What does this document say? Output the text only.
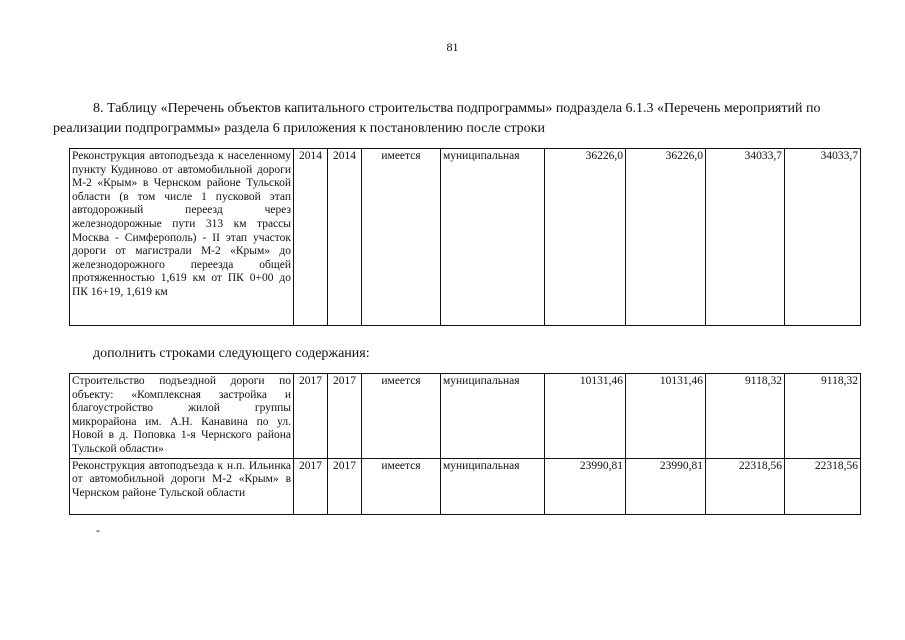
81
8. Таблицу «Перечень объектов капитального строительства подпрограммы» подраздела 6.1.3 «Перечень мероприятий по
реализации подпрограммы» раздела 6 приложения к постановлению после строки
Реконструкция автоподъезда к населенному пункту Кудиново от автомобильной дороги М-2 «Крым» в Чернском районе Тульской области (в том числе 1 пусковой этап автодорожный переезд через железнодорожные пути 313 км трассы Москва - Симферополь) - II этап участок дороги от магистрали М-2 «Крым» до железнодорожного переезда общей протяженностью 1,619 км от ПК 0+00 до ПК 16+19, 1,619 км	2014	2014	имеется	муниципальная	36226,0	36226,0	34033,7	34033,7
дополнить строками следующего содержания:
Строительство подъездной дороги по объекту: «Комплексная застройка и благоустройство жилой группы микрорайона им. А.Н. Канавина по ул. Новой в д. Поповка 1-я Чернского района Тульской области»	2017	2017	имеется	муниципальная	10131,46	10131,46	9118,32	9118,32
Реконструкция автоподъезда к н.п. Ильинка от автомобильной дороги М-2 «Крым» в Чернском районе Тульской области	2017	2017	имеется	муниципальная	23990,81	23990,81	22318,56	22318,56
-
